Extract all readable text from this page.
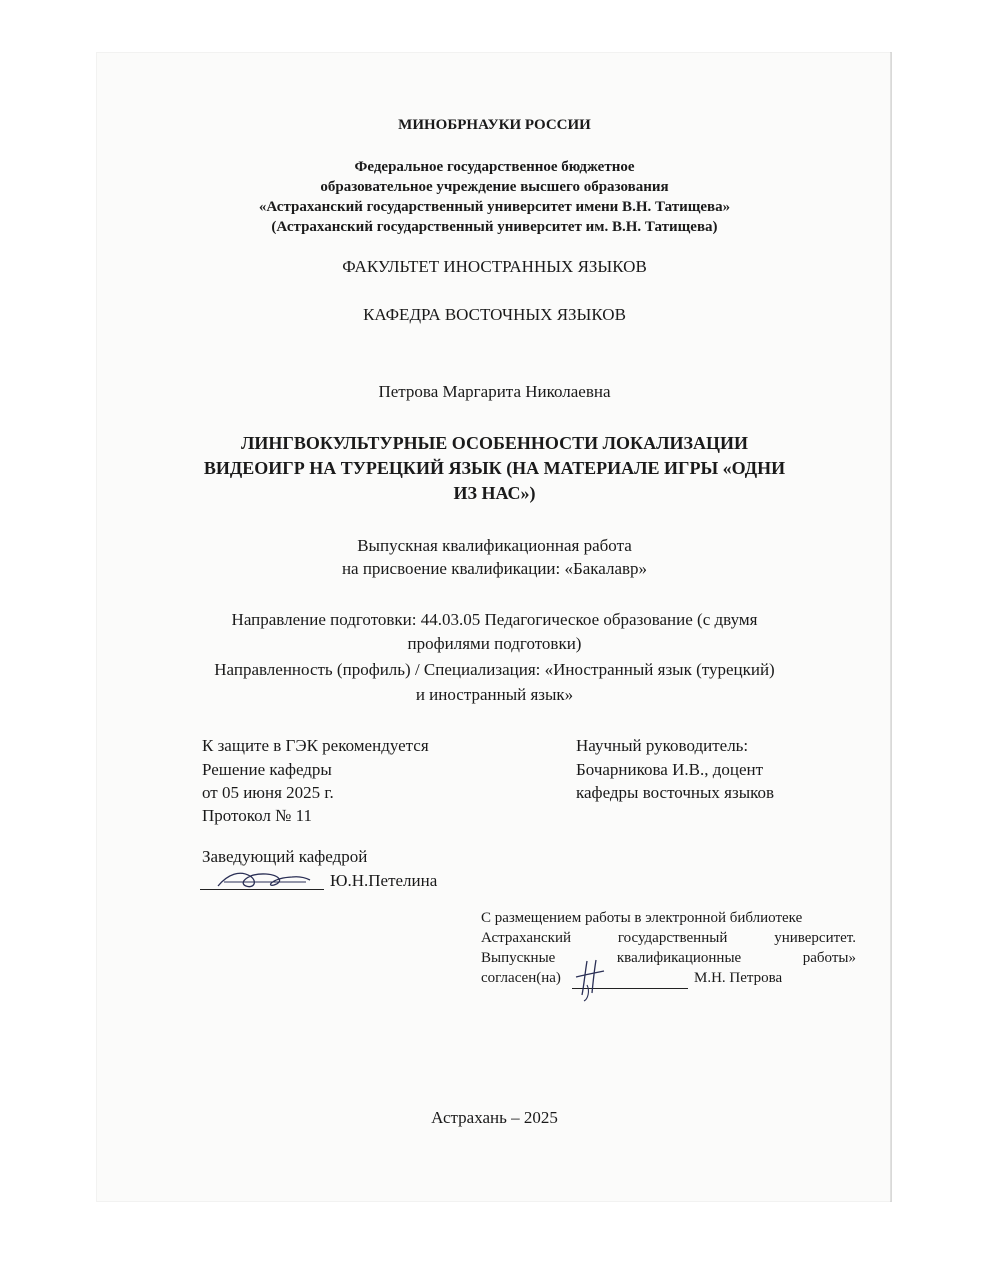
МИНОБРНАУКИ РОССИИ
Федеральное государственное бюджетное
образовательное учреждение высшего образования
«Астраханский государственный университет имени В.Н. Татищева»
(Астраханский государственный университет им. В.Н. Татищева)
ФАКУЛЬТЕТ ИНОСТРАННЫХ ЯЗЫКОВ
КАФЕДРА ВОСТОЧНЫХ ЯЗЫКОВ
Петрова Маргарита Николаевна
ЛИНГВОКУЛЬТУРНЫЕ ОСОБЕННОСТИ ЛОКАЛИЗАЦИИ
ВИДЕОИГР НА ТУРЕЦКИЙ ЯЗЫК (НА МАТЕРИАЛЕ ИГРЫ «ОДНИ
ИЗ НАС»)
Выпускная квалификационная работа
на присвоение квалификации: «Бакалавр»
Направление подготовки: 44.03.05 Педагогическое образование (с двумя
профилями подготовки)
Направленность (профиль) / Специализация: «Иностранный язык (турецкий)
и иностранный язык»
К защите в ГЭК рекомендуется
Решение кафедры
от 05 июня 2025 г.
Протокол № 11
Научный руководитель:
Бочарникова И.В., доцент
кафедры восточных языков
Заведующий кафедрой
Ю.Н.Петелина
С размещением работы в электронной библиотеке
Астраханский	государственный	университет.
Выпускные	квалификационные	работы»
согласен(на)	М.Н. Петрова
Астрахань – 2025
